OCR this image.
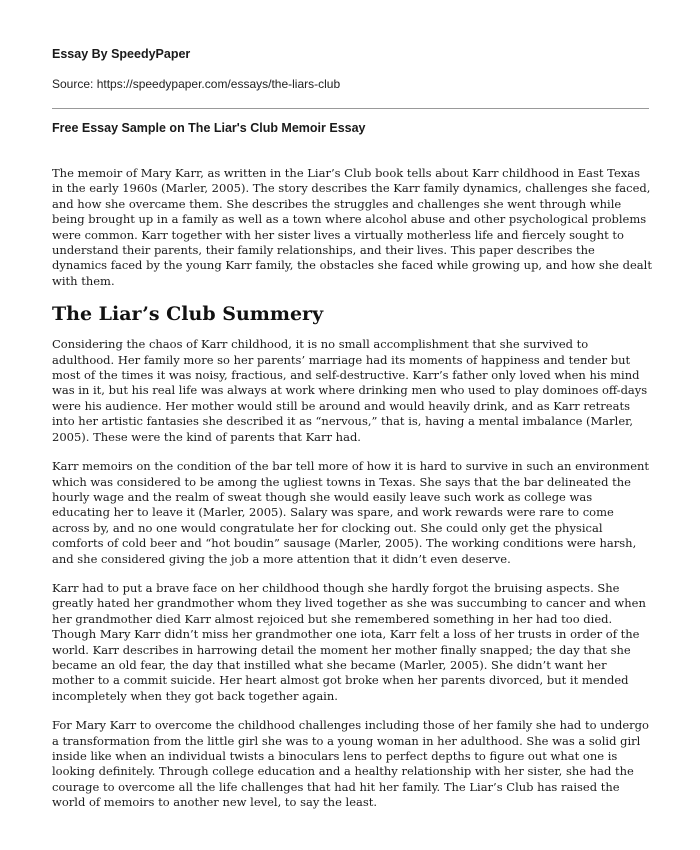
Essay By SpeedyPaper
Source: https://speedypaper.com/essays/the-liars-club
Free Essay Sample on The Liar's Club Memoir Essay

The memoir of Mary Karr, as written in the Liar’s Club book tells about Karr childhood in East Texas in the early 1960s (Marler, 2005). The story describes the Karr family dynamics, challenges she faced, and how she overcame them. She describes the struggles and challenges she went through while being brought up in a family as well as a town where alcohol abuse and other psychological problems were common. Karr together with her sister lives a virtually motherless life and fiercely sought to understand their parents, their family relationships, and their lives. This paper describes the dynamics faced by the young Karr family, the obstacles she faced while growing up, and how she dealt with them.

The Liar’s Club Summery

Considering the chaos of Karr childhood, it is no small accomplishment that she survived to adulthood. Her family more so her parents’ marriage had its moments of happiness and tender but most of the times it was noisy, fractious, and self-destructive. Karr’s father only loved when his mind was in it, but his real life was always at work where drinking men who used to play dominoes off-days were his audience. Her mother would still be around and would heavily drink, and as Karr retreats into her artistic fantasies she described it as “nervous,” that is, having a mental imbalance (Marler, 2005). These were the kind of parents that Karr had.

Karr memoirs on the condition of the bar tell more of how it is hard to survive in such an environment which was considered to be among the ugliest towns in Texas. She says that the bar delineated the hourly wage and the realm of sweat though she would easily leave such work as college was educating her to leave it (Marler, 2005). Salary was spare, and work rewards were rare to come across by, and no one would congratulate her for clocking out. She could only get the physical comforts of cold beer and “hot boudin” sausage (Marler, 2005). The working conditions were harsh, and she considered giving the job a more attention that it didn’t even deserve.

Karr had to put a brave face on her childhood though she hardly forgot the bruising aspects. She greatly hated her grandmother whom they lived together as she was succumbing to cancer and when her grandmother died Karr almost rejoiced but she remembered something in her had too died. Though Mary Karr didn’t miss her grandmother one iota, Karr felt a loss of her trusts in order of the world. Karr describes in harrowing detail the moment her mother finally snapped; the day that she became an old fear, the day that instilled what she became (Marler, 2005). She didn’t want her mother to a commit suicide. Her heart almost got broke when her parents divorced, but it mended incompletely when they got back together again.

For Mary Karr to overcome the childhood challenges including those of her family she had to undergo a transformation from the little girl she was to a young woman in her adulthood. She was a solid girl inside like when an individual twists a binoculars lens to perfect depths to figure out what one is looking definitely. Through college education and a healthy relationship with her sister, she had the courage to overcome all the life challenges that had hit her family. The Liar’s Club has raised the world of memoirs to another new level, to say the least.
